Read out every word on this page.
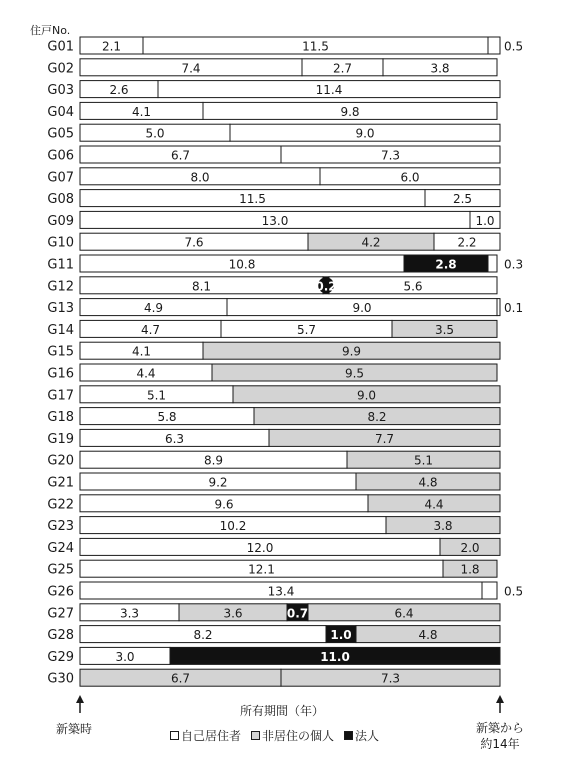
G01 2.1	11.5	0.5
G02	7.4	2.7	3.8
G03	2.6	11.4
G04	4.1	9.8
G05	5.0	9.0
G06	6.7	7.3
G07	8.0	6.0
G08	11.5	2.5
G09	13.0	1.0
G10	7.6	4.2	2.2
G11	10.8	2.8	0.3
G12	8.1	0.2	5.6
G13	4.9	9.0	0.1
G14	4.7	5.7	3.5
G15	4.1	9.9
G16	4.4	9.5
G17	5.1	9.0
G18	5.8	8.2
G19	6.3	7.7
G20	8.9	5.1
G21	9.2	4.8
G22	9.6	4.4
G23	10.2	3.8
G24	12.0	2.0
G25	12.1	1.8
G26	13.4	0.5
G27	3.3	3.6	0.7	6.4
G28	8.2	1.0	4.8
G29	3.0	11.0
G30	6.7	7.3
住戸No.
所有期間（年）
新築時	新築から
約14年
自己居住者 非居住の個人 法人
